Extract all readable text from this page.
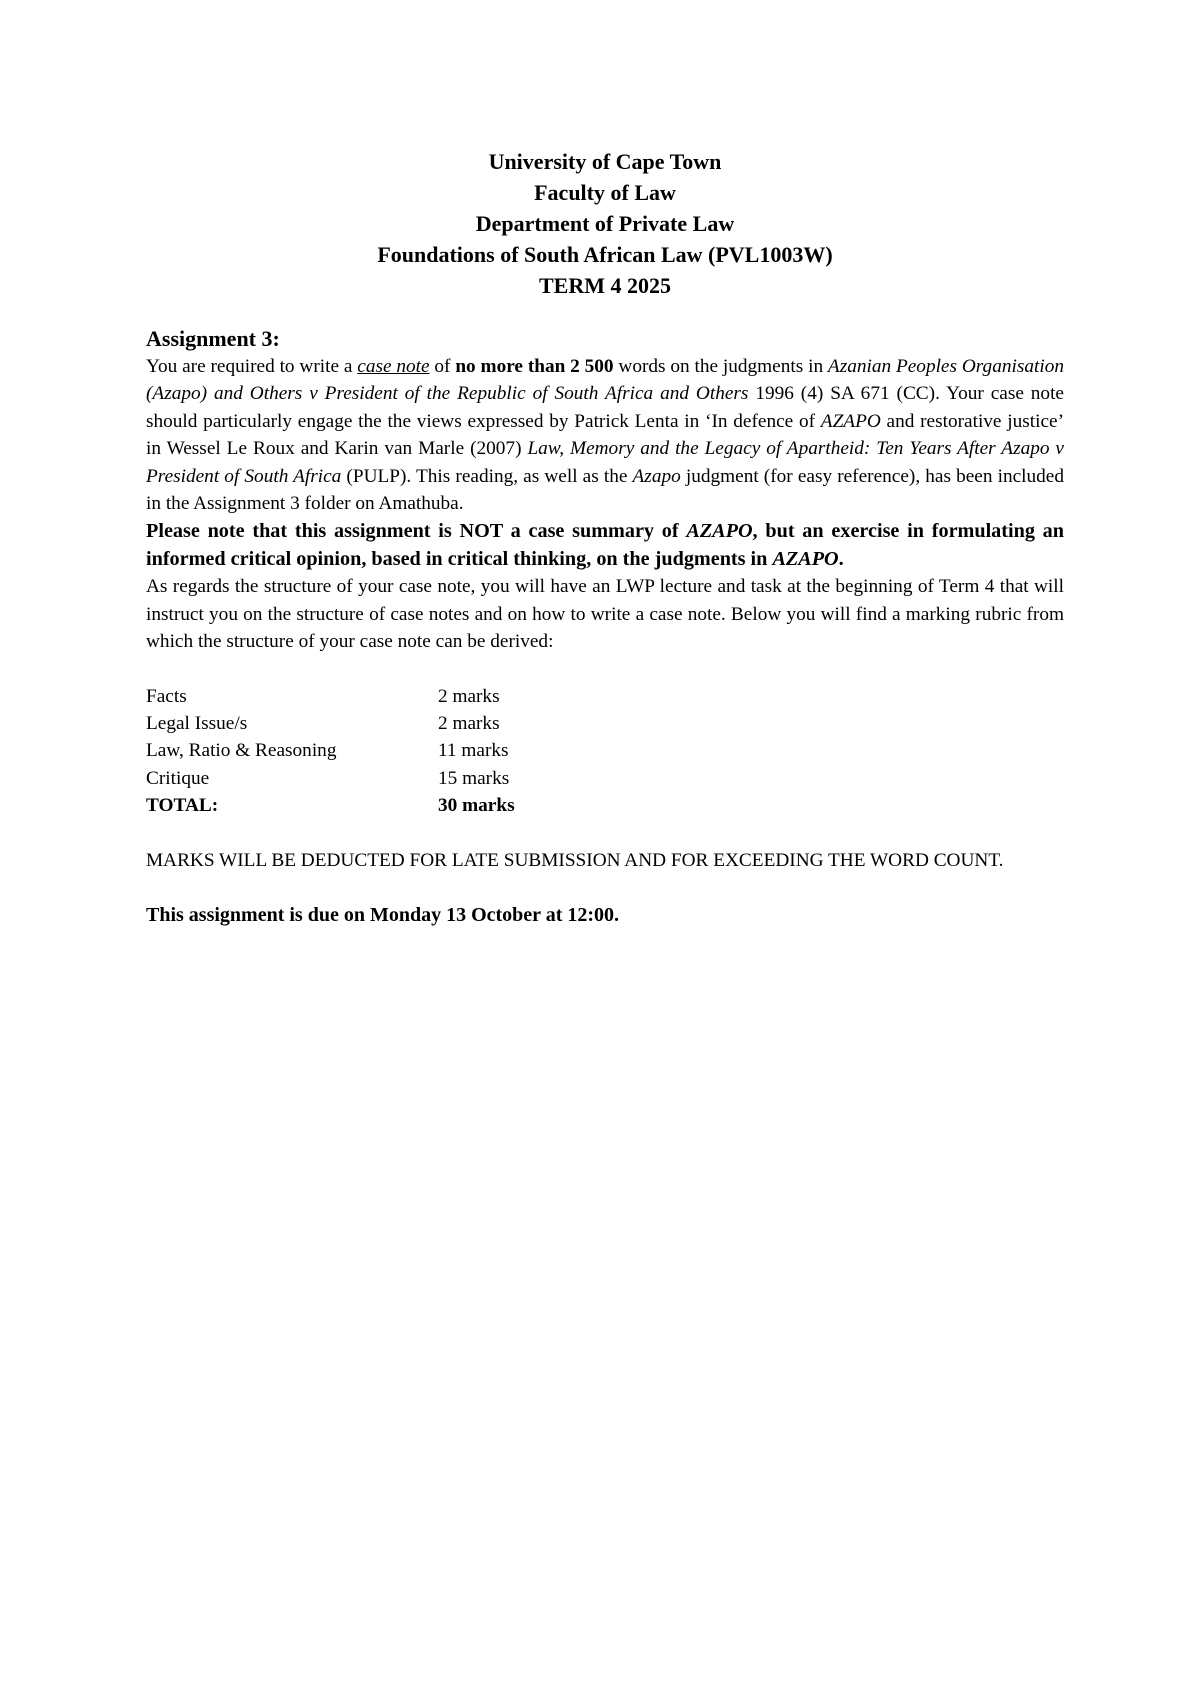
University of Cape Town
Faculty of Law
Department of Private Law
Foundations of South African Law (PVL1003W)
TERM 4 2025
Assignment 3:

You are required to write a case note of no more than 2 500 words on the judgments in Azanian Peoples Organisation (Azapo) and Others v President of the Republic of South Africa and Others 1996 (4) SA 671 (CC). Your case note should particularly engage the the views expressed by Patrick Lenta in ‘In defence of AZAPO and restorative justice’ in Wessel Le Roux and Karin van Marle (2007) Law, Memory and the Legacy of Apartheid: Ten Years After Azapo v President of South Africa (PULP). This reading, as well as the Azapo judgment (for easy reference), has been included in the Assignment 3 folder on Amathuba.

Please note that this assignment is NOT a case summary of AZAPO, but an exercise in formulating an informed critical opinion, based in critical thinking, on the judgments in AZAPO.

As regards the structure of your case note, you will have an LWP lecture and task at the beginning of Term 4 that will instruct you on the structure of case notes and on how to write a case note. Below you will find a marking rubric from which the structure of your case note can be derived:

Facts	2 marks
Legal Issue/s	2 marks
Law, Ratio & Reasoning	11 marks
Critique	15 marks
TOTAL:	30 marks
MARKS WILL BE DEDUCTED FOR LATE SUBMISSION AND FOR EXCEEDING THE WORD COUNT.
This assignment is due on Monday 13 October at 12:00.
